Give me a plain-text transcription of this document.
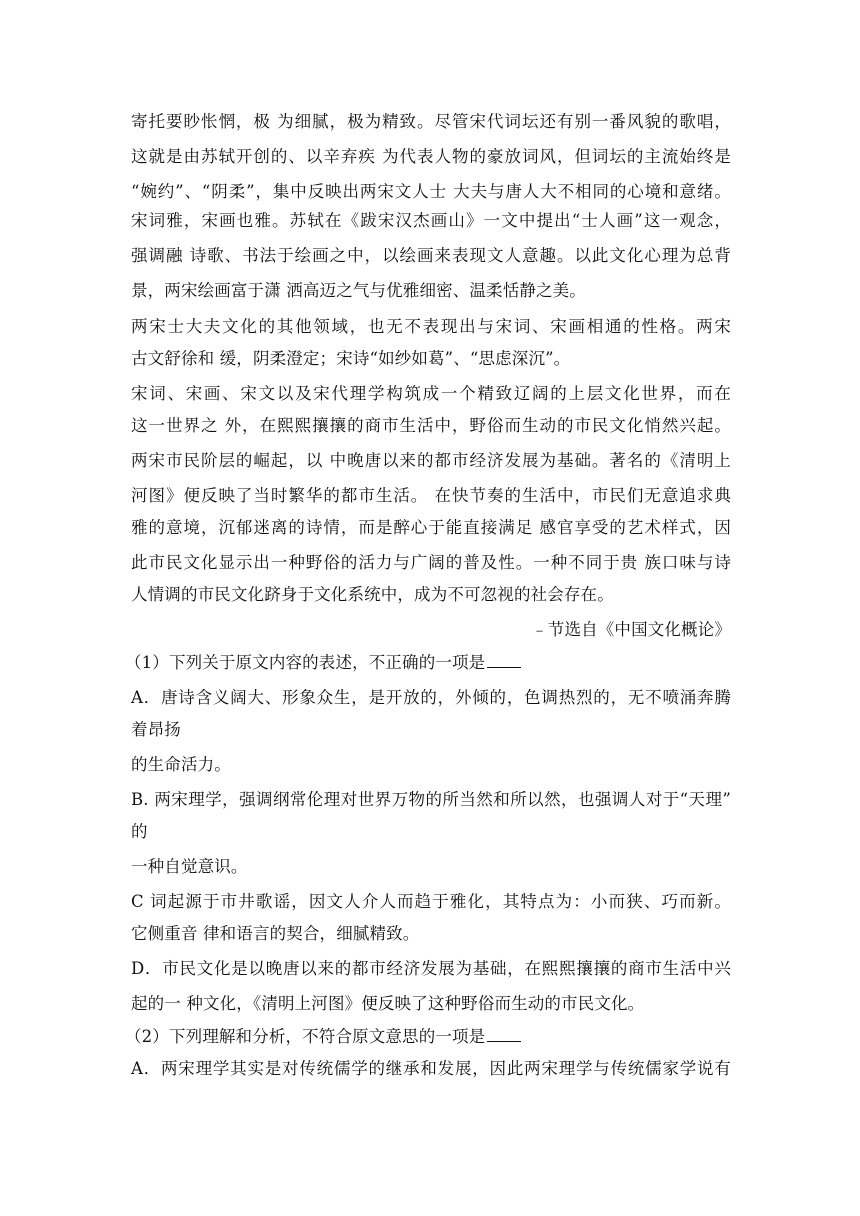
寄托要眇怅惘，极 为细腻，极为精致。尽管宋代词坛还有别一番风貌的歌唱，
这就是由苏轼开创的、以辛弃疾 为代表人物的豪放词风，但词坛的主流始终是
“婉约”、“阴柔”，集中反映出两宋文人士 大夫与唐人大不相同的心境和意绪。
宋词雅，宋画也雅。苏轼在《跋宋汉杰画山》一文中提出“士人画”这一观念，
强调融 诗歌、书法于绘画之中，以绘画来表现文人意趣。以此文化心理为总背
景，两宋绘画富于潇 洒高迈之气与优雅细密、温柔恬静之美。
两宋士大夫文化的其他领域，也无不表现出与宋词、宋画相通的性格。两宋
古文舒徐和 缓，阴柔澄定；宋诗“如纱如葛”、“思虑深沉”。
宋词、宋画、宋文以及宋代理学构筑成一个精致辽阔的上层文化世界，而在
这一世界之 外，在熙熙攘攘的商市生活中，野俗而生动的市民文化悄然兴起。
两宋市民阶层的崛起，以 中晚唐以来的都市经济发展为基础。著名的《清明上
河图》便反映了当时繁华的都市生活。 在快节奏的生活中，市民们无意追求典
雅的意境，沉郁迷离的诗情，而是醉心于能直接满足 感官享受的艺术样式，因
此市民文化显示出一种野俗的活力与广阔的普及性。一种不同于贵 族口味与诗
人情调的市民文化跻身于文化系统中，成为不可忽视的社会存在。
﹣节选自《中国文化概论》
（1）下列关于原文内容的表述，不正确的一项是
A．唐诗含义阔大、形象众生，是开放的，外倾的，色调热烈的，无不喷涌奔腾
着昂扬
的生命活力。
B. 两宋理学，强调纲常伦理对世界万物的所当然和所以然，也强调人对于“天理”
的
一种自觉意识。
C 词起源于市井歌谣，因文人介人而趋于雅化，其特点为：小而狭、巧而新。
它侧重音 律和语言的契合，细腻精致。
D．市民文化是以晚唐以来的都市经济发展为基础，在熙熙攘攘的商市生活中兴
起的一 种文化，《清明上河图》便反映了这种野俗而生动的市民文化。
（2）下列理解和分析，不符合原文意思的一项是
A．两宋理学其实是对传统儒学的继承和发展，因此两宋理学与传统儒家学说有
